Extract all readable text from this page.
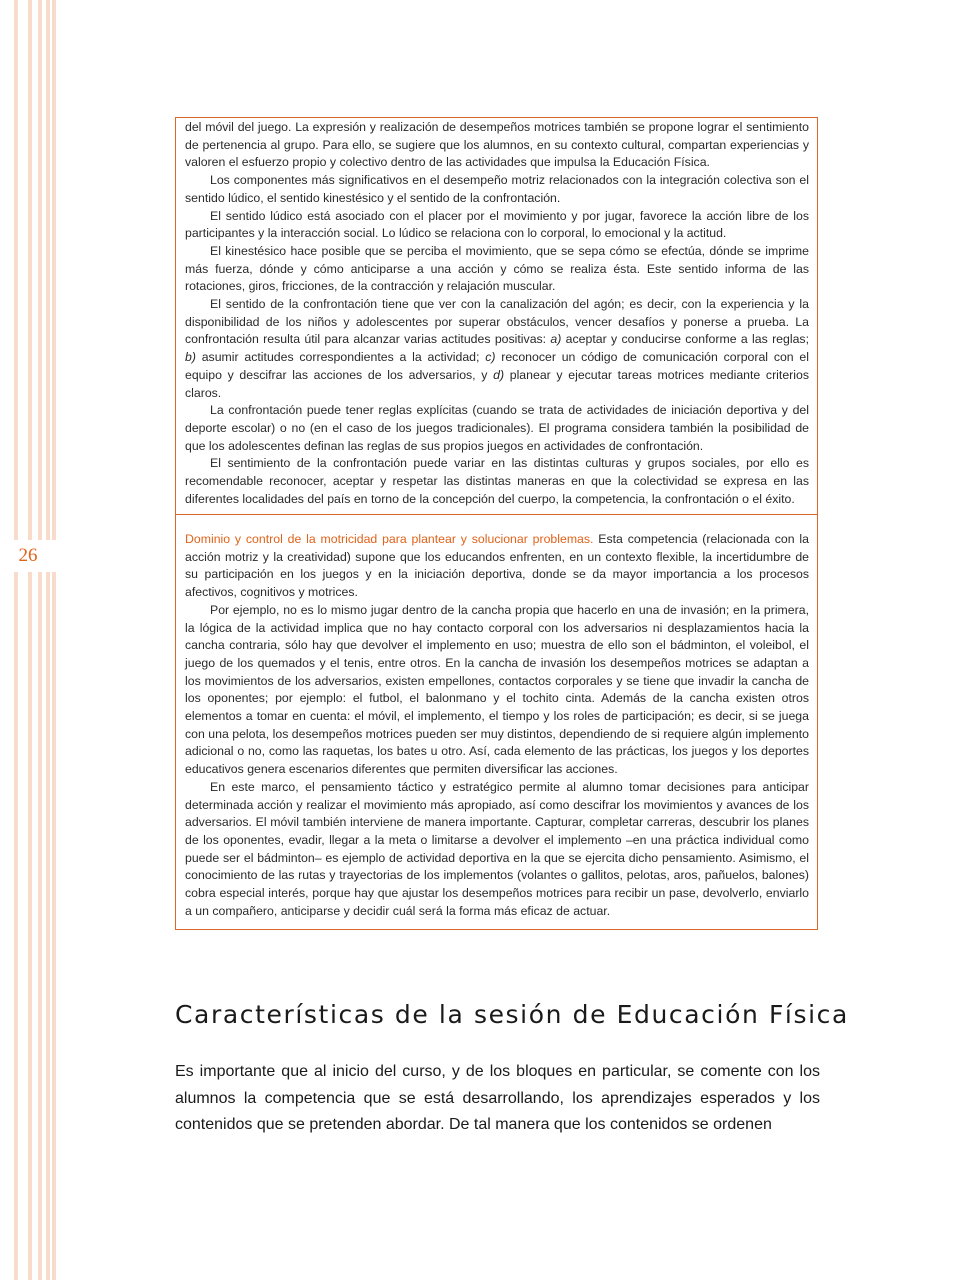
26

del móvil del juego. La expresión y realización de desempeños motrices también se propone lograr el sentimiento de pertenencia al grupo. Para ello, se sugiere que los alumnos, en su contexto cultural, compartan experiencias y valoren el esfuerzo propio y colectivo dentro de las actividades que impulsa la Educación Física.

Los componentes más significativos en el desempeño motriz relacionados con la integración colectiva son el sentido lúdico, el sentido kinestésico y el sentido de la confrontación.

El sentido lúdico está asociado con el placer por el movimiento y por jugar, favorece la acción libre de los participantes y la interacción social. Lo lúdico se relaciona con lo corporal, lo emocional y la actitud.

El kinestésico hace posible que se perciba el movimiento, que se sepa cómo se efectúa, dónde se imprime más fuerza, dónde y cómo anticiparse a una acción y cómo se realiza ésta. Este sentido informa de las rotaciones, giros, fricciones, de la contracción y relajación muscular.

El sentido de la confrontación tiene que ver con la canalización del agón; es decir, con la experiencia y la disponibilidad de los niños y adolescentes por superar obstáculos, vencer desafíos y ponerse a prueba. La confrontación resulta útil para alcanzar varias actitudes positivas: a) aceptar y conducirse conforme a las reglas; b) asumir actitudes correspondientes a la actividad; c) reconocer un código de comunicación corporal con el equipo y descifrar las acciones de los adversarios, y d) planear y ejecutar tareas motrices mediante criterios claros.

La confrontación puede tener reglas explícitas (cuando se trata de actividades de iniciación deportiva y del deporte escolar) o no (en el caso de los juegos tradicionales). El programa considera también la posibilidad de que los adolescentes definan las reglas de sus propios juegos en actividades de confrontación.

El sentimiento de la confrontación puede variar en las distintas culturas y grupos sociales, por ello es recomendable reconocer, aceptar y respetar las distintas maneras en que la colectividad se expresa en las diferentes localidades del país en torno de la concepción del cuerpo, la competencia, la confrontación o el éxito.

Dominio y control de la motricidad para plantear y solucionar problemas. Esta competencia (relacionada con la acción motriz y la creatividad) supone que los educandos enfrenten, en un contexto flexible, la incertidumbre de su participación en los juegos y en la iniciación deportiva, donde se da mayor importancia a los procesos afectivos, cognitivos y motrices.

Por ejemplo, no es lo mismo jugar dentro de la cancha propia que hacerlo en una de invasión; en la primera, la lógica de la actividad implica que no hay contacto corporal con los adversarios ni desplazamientos hacia la cancha contraria, sólo hay que devolver el implemento en uso; muestra de ello son el bádminton, el voleibol, el juego de los quemados y el tenis, entre otros. En la cancha de invasión los desempeños motrices se adaptan a los movimientos de los adversarios, existen empellones, contactos corporales y se tiene que invadir la cancha de los oponentes; por ejemplo: el futbol, el balonmano y el tochito cinta. Además de la cancha existen otros elementos a tomar en cuenta: el móvil, el implemento, el tiempo y los roles de participación; es decir, si se juega con una pelota, los desempeños motrices pueden ser muy distintos, dependiendo de si requiere algún implemento adicional o no, como las raquetas, los bates u otro. Así, cada elemento de las prácticas, los juegos y los deportes educativos genera escenarios diferentes que permiten diversificar las acciones.

En este marco, el pensamiento táctico y estratégico permite al alumno tomar decisiones para anticipar determinada acción y realizar el movimiento más apropiado, así como descifrar los movimientos y avances de los adversarios. El móvil también interviene de manera importante. Capturar, completar carreras, descubrir los planes de los oponentes, evadir, llegar a la meta o limitarse a devolver el implemento –en una práctica individual como puede ser el bádminton– es ejemplo de actividad deportiva en la que se ejercita dicho pensamiento. Asimismo, el conocimiento de las rutas y trayectorias de los implementos (volantes o gallitos, pelotas, aros, pañuelos, balones) cobra especial interés, porque hay que ajustar los desempeños motrices para recibir un pase, devolverlo, enviarlo a un compañero, anticiparse y decidir cuál será la forma más eficaz de actuar.

Características de la sesión de Educación Física

Es importante que al inicio del curso, y de los bloques en particular, se comente con los alumnos la competencia que se está desarrollando, los aprendizajes esperados y los contenidos que se pretenden abordar. De tal manera que los contenidos se ordenen
